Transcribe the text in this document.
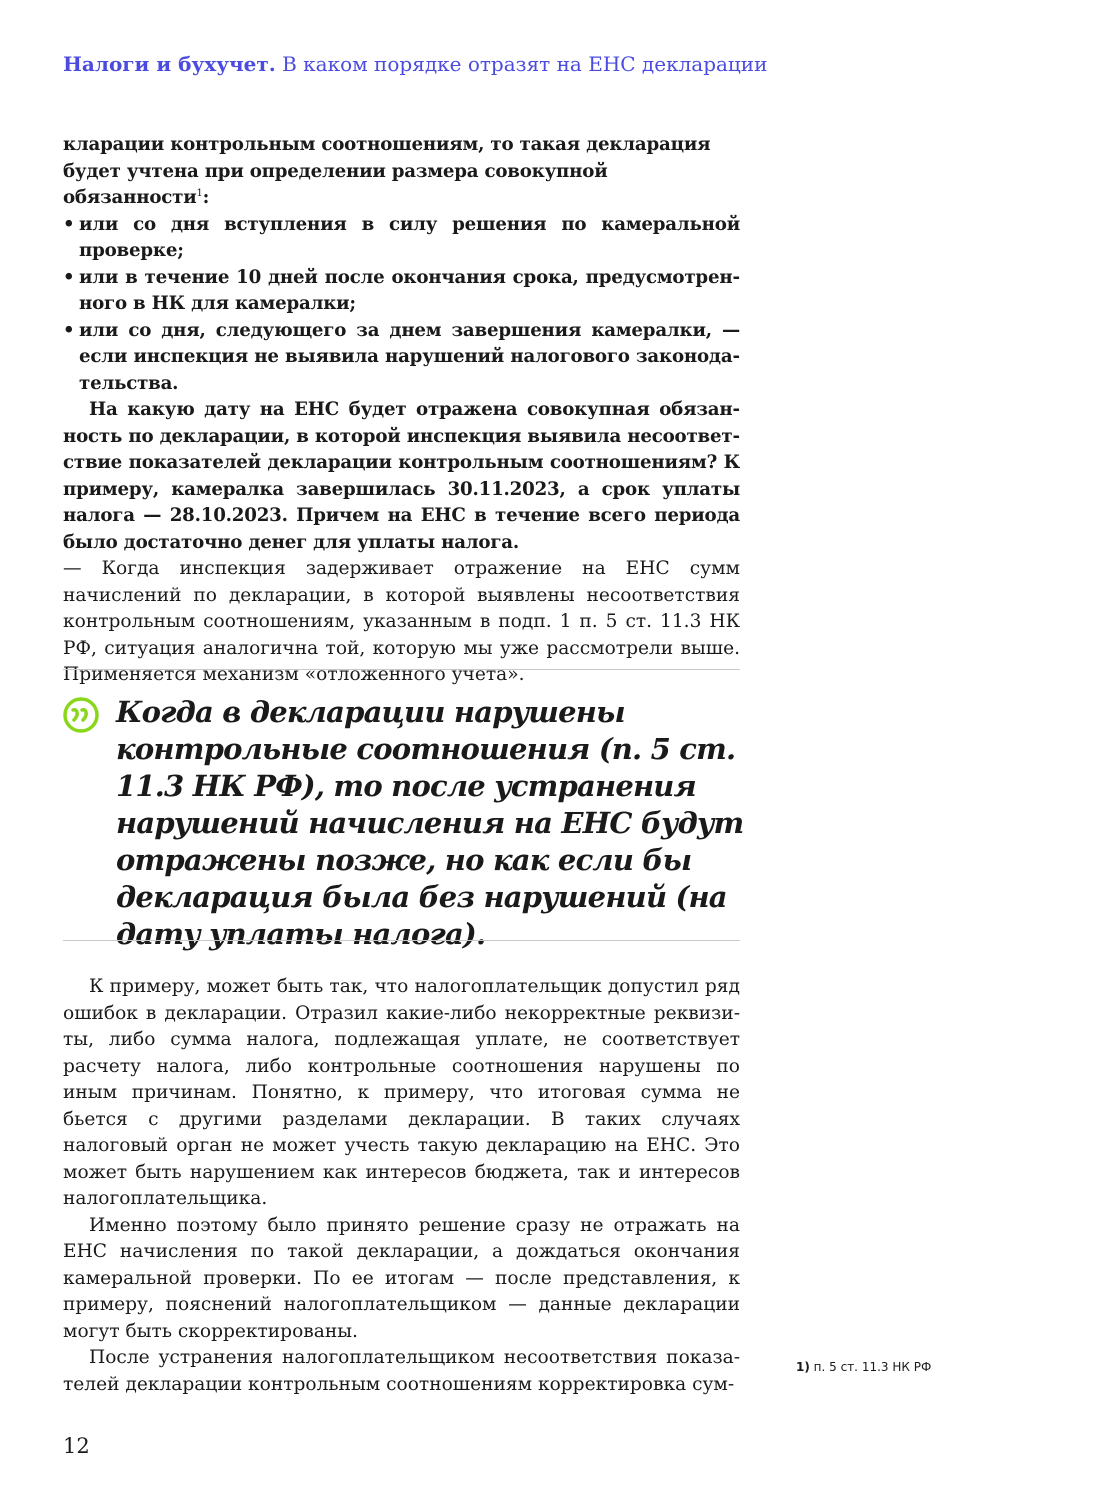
Налоги и бухучет. В каком порядке отразят на ЕНС декларации

кларации контрольным соотношениям, то такая декларация будет учтена при определении размера совокупной обязанности$^1$:

• или со дня вступления в силу решения по камеральной проверке;
• или в течение 10 дней после окончания срока, предусмотренного в НК для камералки;
• или со дня, следующего за днем завершения камералки, — если инспекция не выявила нарушений налогового законодательства.

На какую дату на ЕНС будет отражена совокупная обязанность по декларации, в которой инспекция выявила несоответствие показателей декларации контрольным соотношениям? К примеру, камералка завершилась 30.11.2023, а срок уплаты налога — 28.10.2023. Причем на ЕНС в течение всего периода было достаточно денег для уплаты налога.

— Когда инспекция задерживает отражение на ЕНС сумм начислений по декларации, в которой выявлены несоответствия контрольным соотношениям, указанным в подп. 1 п. 5 ст. 11.3 НК РФ, ситуация аналогична той, которую мы уже рассмотрели выше. Применяется механизм «отложенного учета».

Когда в декларации нарушены контрольные соотношения (п. 5 ст. 11.3 НК РФ), то после устранения нарушений начисления на ЕНС будут отражены позже, но как если бы декларация была без нарушений (на дату уплаты налога).

К примеру, может быть так, что налогоплательщик допустил ряд ошибок в декларации. Отразил какие-либо некорректные реквизиты, либо сумма налога, подлежащая уплате, не соответствует расчету налога, либо контрольные соотношения нарушены по иным причинам. Понятно, к примеру, что итоговая сумма не бьется с другими разделами декларации. В таких случаях налоговый орган не может учесть такую декларацию на ЕНС. Это может быть нарушением как интересов бюджета, так и интересов налогоплательщика.

Именно поэтому было принято решение сразу не отражать на ЕНС начисления по такой декларации, а дождаться окончания камеральной проверки. По ее итогам — после представления, к примеру, пояснений налогоплательщиком — данные декларации могут быть скорректированы.

После устранения налогоплательщиком несоответствия показателей декларации контрольным соотношениям корректировка сум-

1) п. 5 ст. 11.3 НК РФ
12
